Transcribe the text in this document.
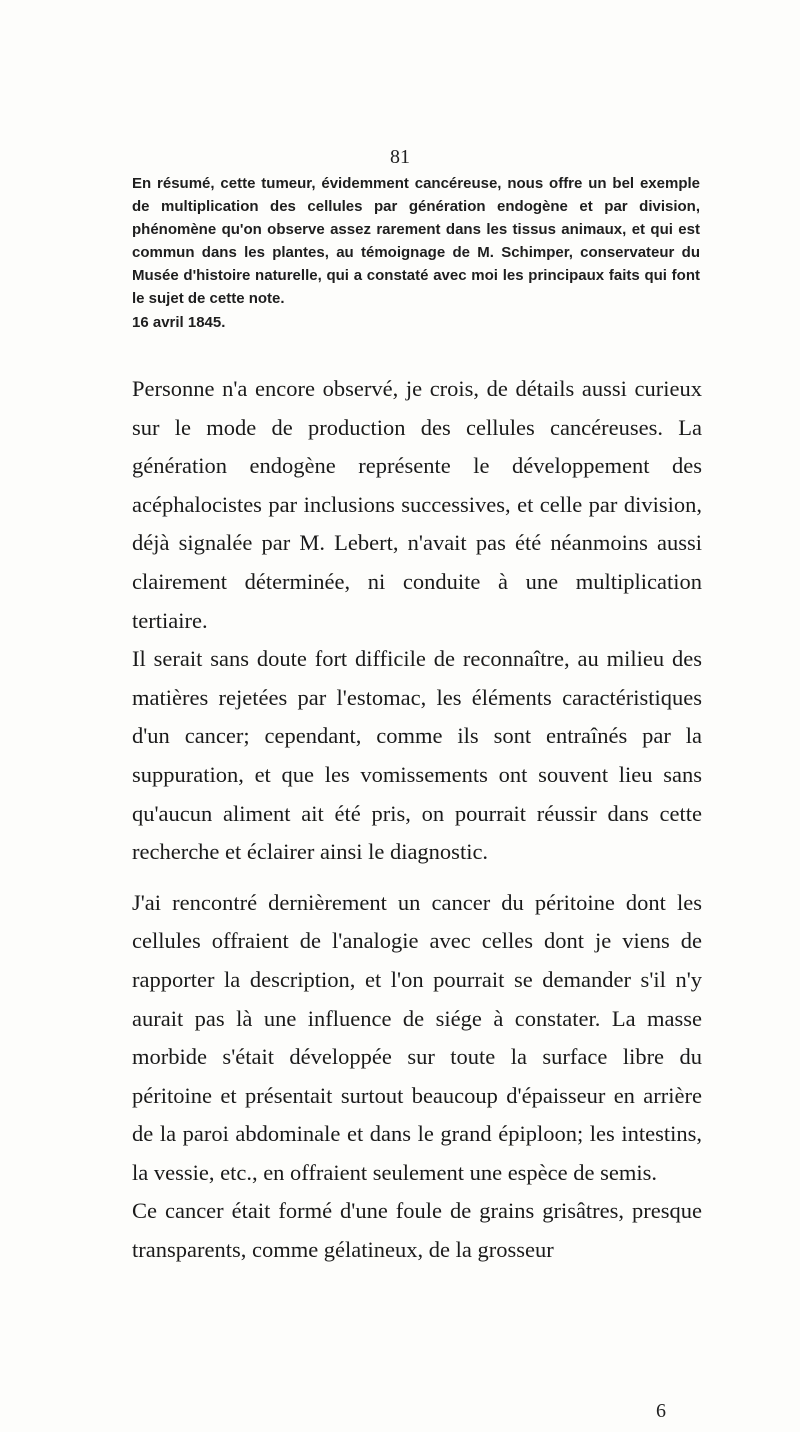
81

En résumé, cette tumeur, évidemment cancéreuse, nous offre un bel exemple de multiplication des cellules par génération endogène et par division, phénomène qu'on observe assez rarement dans les tissus animaux, et qui est commun dans les plantes, au témoignage de M. Schimper, conservateur du Musée d'histoire naturelle, qui a constaté avec moi les principaux faits qui font le sujet de cette note.

16 avril 1845.

Personne n'a encore observé, je crois, de détails aussi curieux sur le mode de production des cellules cancéreuses. La génération endogène représente le développement des acéphalocistes par inclusions successives, et celle par division, déjà signalée par M. Lebert, n'avait pas été néanmoins aussi clairement déterminée, ni conduite à une multiplication tertiaire.

Il serait sans doute fort difficile de reconnaître, au milieu des matières rejetées par l'estomac, les éléments caractéristiques d'un cancer; cependant, comme ils sont entraînés par la suppuration, et que les vomissements ont souvent lieu sans qu'aucun aliment ait été pris, on pourrait réussir dans cette recherche et éclairer ainsi le diagnostic.

J'ai rencontré dernièrement un cancer du péritoine dont les cellules offraient de l'analogie avec celles dont je viens de rapporter la description, et l'on pourrait se demander s'il n'y aurait pas là une influence de siége à constater. La masse morbide s'était développée sur toute la surface libre du péritoine et présentait surtout beaucoup d'épaisseur en arrière de la paroi abdominale et dans le grand épiploon; les intestins, la vessie, etc., en offraient seulement une espèce de semis.

Ce cancer était formé d'une foule de grains grisâtres, presque transparents, comme gélatineux, de la grosseur

6
